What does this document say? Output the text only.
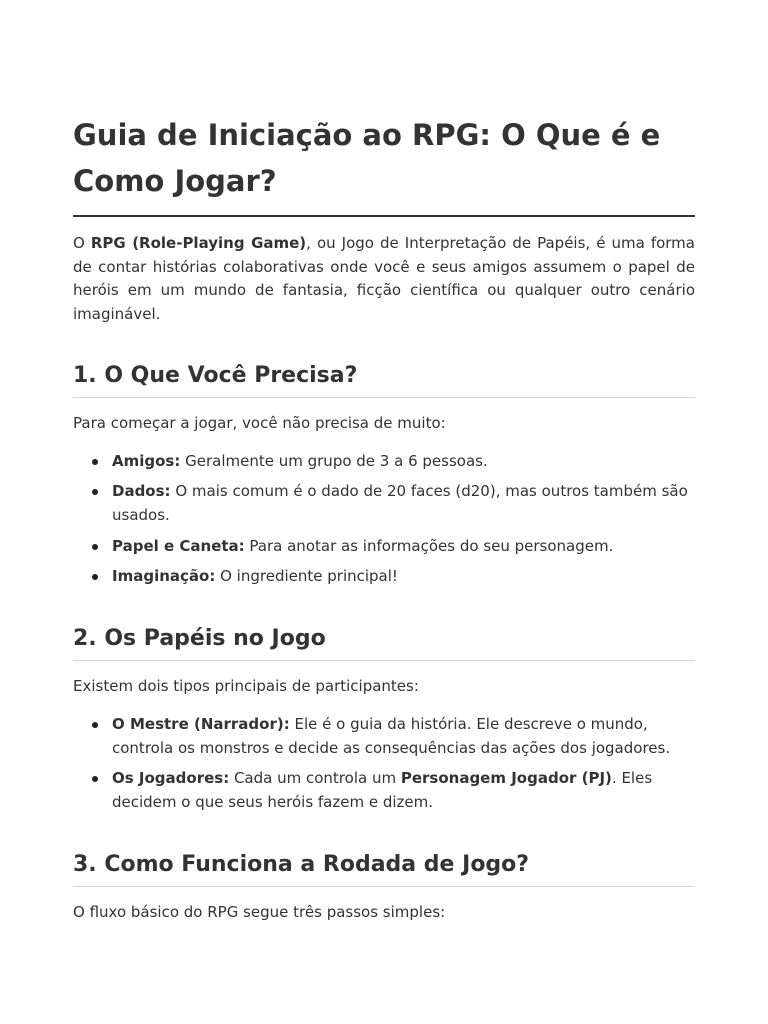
Guia de Iniciação ao RPG: O Que é e Como Jogar?

O RPG (Role-Playing Game), ou Jogo de Interpretação de Papéis, é uma forma de contar histórias colaborativas onde você e seus amigos assumem o papel de heróis em um mundo de fantasia, ficção científica ou qualquer outro cenário imaginável.

1. O Que Você Precisa?

Para começar a jogar, você não precisa de muito:

Amigos: Geralmente um grupo de 3 a 6 pessoas.
Dados: O mais comum é o dado de 20 faces (d20), mas outros também são usados.
Papel e Caneta: Para anotar as informações do seu personagem.
Imaginação: O ingrediente principal!
2. Os Papéis no Jogo

Existem dois tipos principais de participantes:

O Mestre (Narrador): Ele é o guia da história. Ele descreve o mundo, controla os monstros e decide as consequências das ações dos jogadores.
Os Jogadores: Cada um controla um Personagem Jogador (PJ). Eles decidem o que seus heróis fazem e dizem.
3. Como Funciona a Rodada de Jogo?

O fluxo básico do RPG segue três passos simples:
